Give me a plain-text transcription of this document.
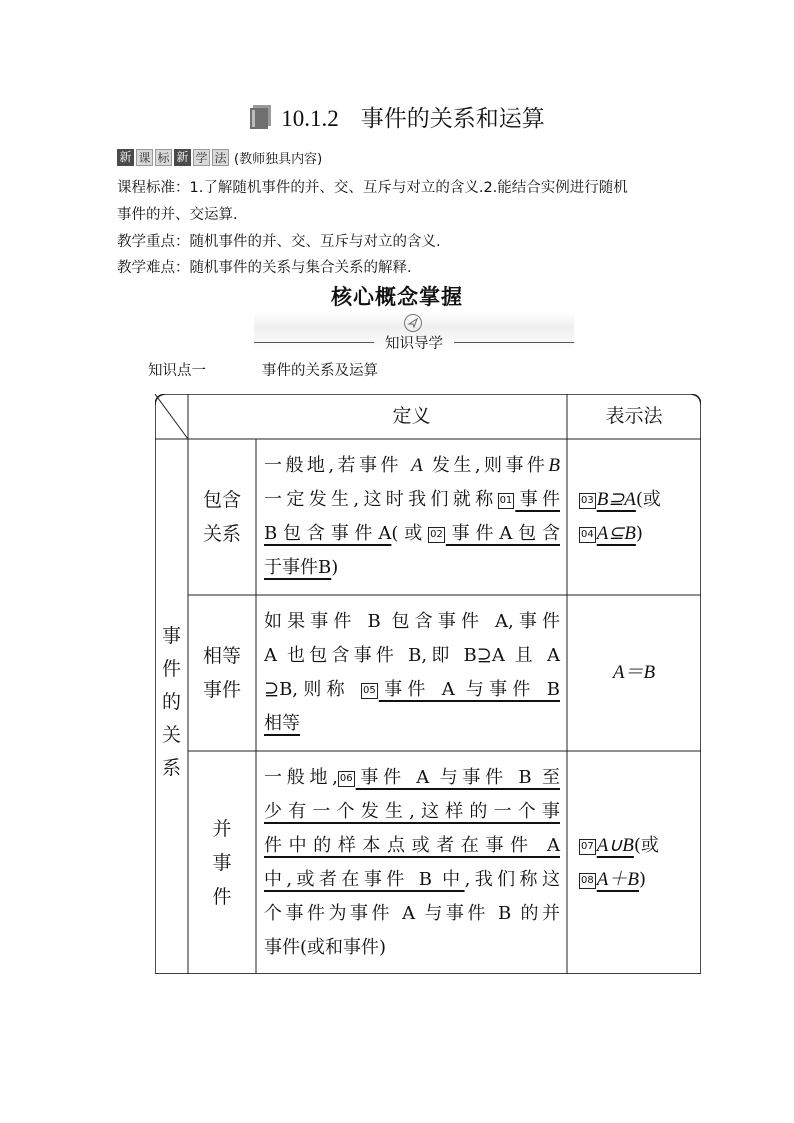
10.1.2 事件的关系和运算
新 课 标 新 学 法 (教师独具内容)
课程标准：1.了解随机事件的并、交、互斥与对立的含义.2.能结合实例进行随机
事件的并、交运算.
教学重点：随机事件的并、交、互斥与对立的含义.
教学难点：随机事件的关系与集合关系的解释.
核心概念掌握
知识导学
知识点一	事件的关系及运算
定义	表示法
事
件
的
关
系
包含
关系
一般地,若事件 A 发生,则事件B
一定发生,这时我们就称 01 事件
B包含事件A(或 02 事件A包含
于事件B)
03 B⊇A(或
04 A⊆B)
相等
事件
如果事件 B 包含事件 A,事件
A 也包含事件 B,即 B⊇A 且 A
⊇B,则称 05 事件 A 与事件 B
相等
A＝B
并
事
件
一般地, 06 事件 A 与事件 B 至
少有一个发生,这样的一个事
件中的样本点或者在事件 A
中,或者在事件 B 中,我们称这
个事件为事件 A 与事件 B 的并
事件(或和事件)
07 A∪B(或
08 A＋B)
